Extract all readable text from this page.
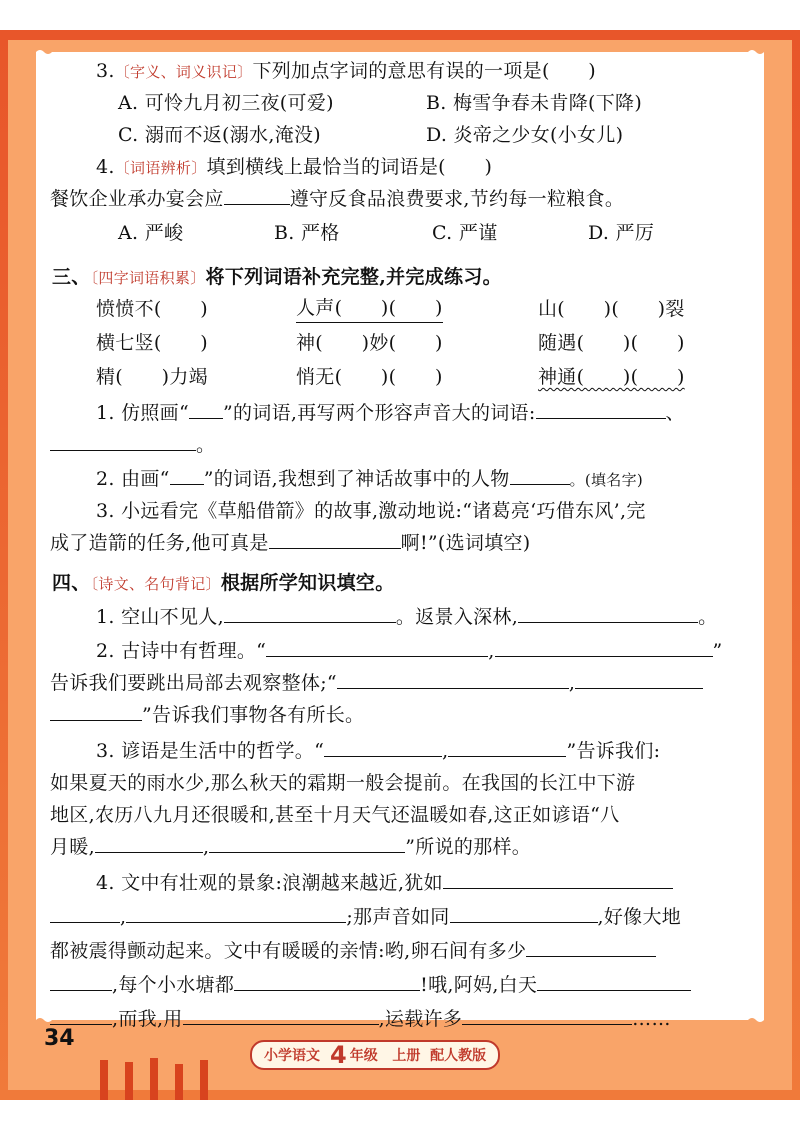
3.〔字义、词义识记〕下列加点字词的意思有误的一项是(　　)
A. 可怜九月初三夜(可爱)	B. 梅雪争春未肯降(下降)
C. 溺而不返(溺水,淹没)	D. 炎帝之少女(小女儿)
4.〔词语辨析〕填到横线上最恰当的词语是(　　)
餐饮企业承办宴会应	遵守反食品浪费要求,节约每一粒粮食。
A. 严峻	B. 严格	C. 严谨	D. 严厉
三、〔四字词语积累〕将下列词语补充完整,并完成练习。
愤愤不(　　)	人声(　　)(　　)	山(　　)(　　)裂
横七竖(　　)	神(　　)妙(　　)	随遇(　　)(　　)
精(　　)力竭	悄无(　　)(　　)	神通(　　)(　　)
1. 仿照画“ ”的词语,再写两个形容声音大的词语:	、
。
2. 由画“ ”的词语,我想到了神话故事中的人物	。(填名字)
3. 小远看完《草船借箭》的故事,激动地说:“诸葛亮‘巧借东风’,完
成了造箭的任务,他可真是	啊!”(选词填空)
四、〔诗文、名句背记〕根据所学知识填空。
1. 空山不见人,	。返景入深林,	。
2. 古诗中有哲理。“	,	”
告诉我们要跳出局部去观察整体;“	,
”告诉我们事物各有所长。
3. 谚语是生活中的哲学。“	,	”告诉我们:
如果夏天的雨水少,那么秋天的霜期一般会提前。在我国的长江中下游
地区,农历八九月还很暖和,甚至十月天气还温暖如春,这正如谚语“八
月暖,	,	”所说的那样。
4. 文中有壮观的景象:浪潮越来越近,犹如
,	;那声音如同	,好像大地
都被震得颤动起来。文中有暖暖的亲情:哟,卵石间有多少
,每个小水塘都	!哦,阿妈,白天
,而我,用	,运载许多	……
34
小学语文 4 年级 上册 配人教版
